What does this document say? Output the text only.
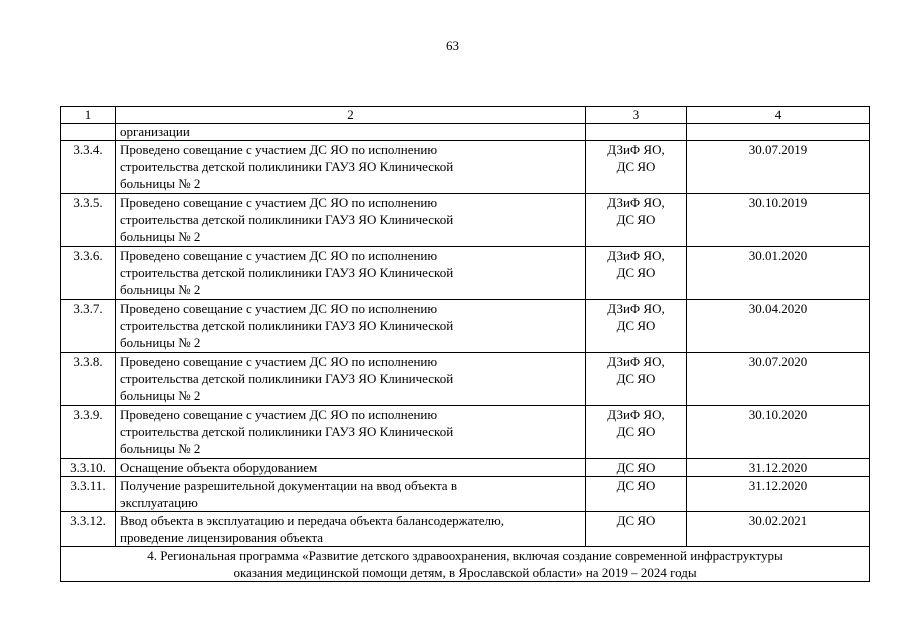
63
1	2	3	4
	организации		
3.3.4.	Проведено совещание с участием ДС ЯО по исполнению
строительства детской поликлиники ГАУЗ ЯО Клинической
больницы № 2	ДЗиФ ЯО,
ДС ЯО	30.07.2019
3.3.5.	Проведено совещание с участием ДС ЯО по исполнению
строительства детской поликлиники ГАУЗ ЯО Клинической
больницы № 2	ДЗиФ ЯО,
ДС ЯО	30.10.2019
3.3.6.	Проведено совещание с участием ДС ЯО по исполнению
строительства детской поликлиники ГАУЗ ЯО Клинической
больницы № 2	ДЗиФ ЯО,
ДС ЯО	30.01.2020
3.3.7.	Проведено совещание с участием ДС ЯО по исполнению
строительства детской поликлиники ГАУЗ ЯО Клинической
больницы № 2	ДЗиФ ЯО,
ДС ЯО	30.04.2020
3.3.8.	Проведено совещание с участием ДС ЯО по исполнению
строительства детской поликлиники ГАУЗ ЯО Клинической
больницы № 2	ДЗиФ ЯО,
ДС ЯО	30.07.2020
3.3.9.	Проведено совещание с участием ДС ЯО по исполнению
строительства детской поликлиники ГАУЗ ЯО Клинической
больницы № 2	ДЗиФ ЯО,
ДС ЯО	30.10.2020
3.3.10.	Оснащение объекта оборудованием	ДС ЯО	31.12.2020
3.3.11.	Получение разрешительной документации на ввод объекта в
эксплуатацию	ДС ЯО	31.12.2020
3.3.12.	Ввод объекта в эксплуатацию и передача объекта балансодержателю,
проведение лицензирования объекта	ДС ЯО	30.02.2021
4. Региональная программа «Развитие детского здравоохранения, включая создание современной инфраструктуры
оказания медицинской помощи детям, в Ярославской области» на 2019 – 2024 годы			
